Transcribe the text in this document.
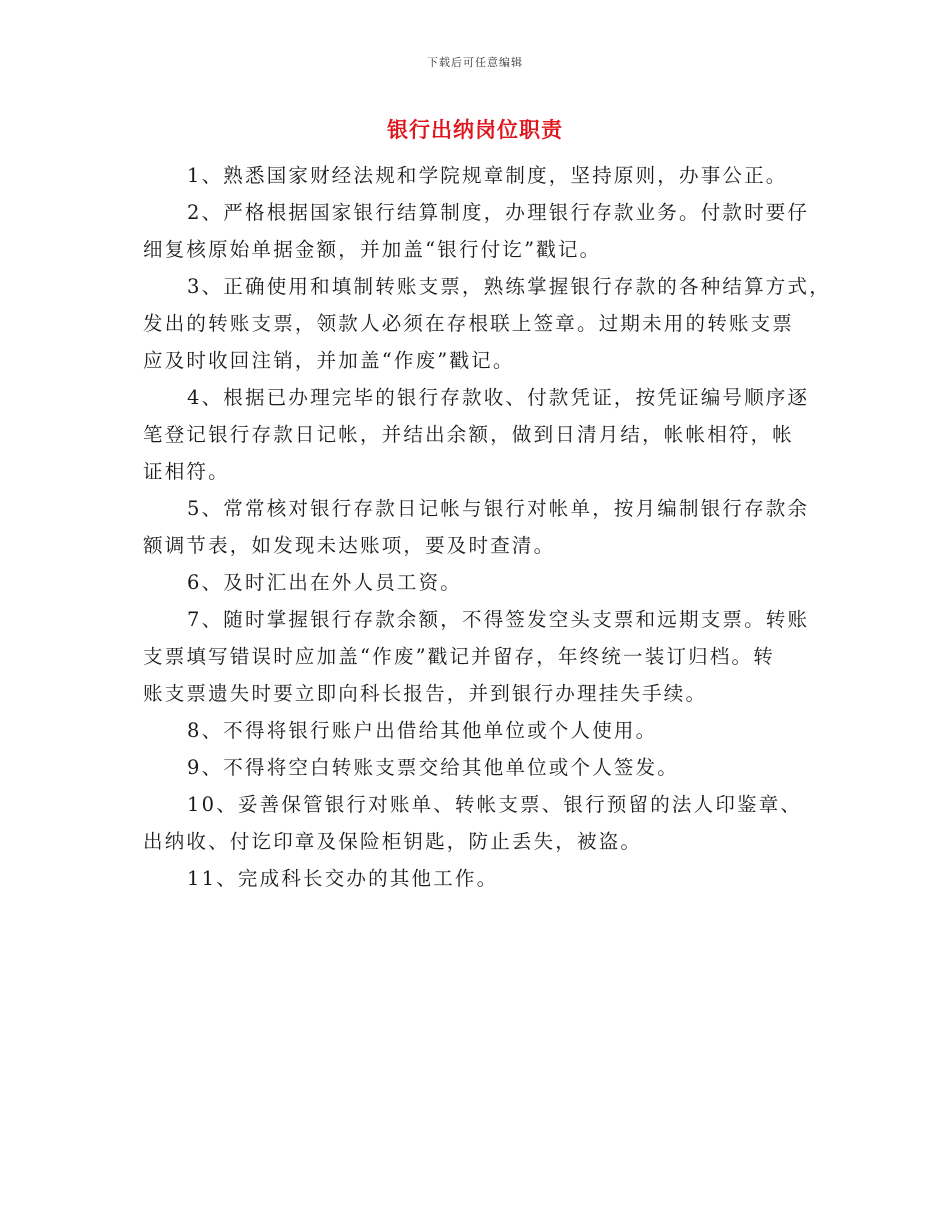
下载后可任意编辑
银行出纳岗位职责
1、熟悉国家财经法规和学院规章制度，坚持原则，办事公正。
2、严格根据国家银行结算制度，办理银行存款业务。付款时要仔
细复核原始单据金额，并加盖“银行付讫”戳记。
3、正确使用和填制转账支票，熟练掌握银行存款的各种结算方式，
发出的转账支票，领款人必须在存根联上签章。过期未用的转账支票
应及时收回注销，并加盖“作废”戳记。
4、根据已办理完毕的银行存款收、付款凭证，按凭证编号顺序逐
笔登记银行存款日记帐，并结出余额，做到日清月结，帐帐相符，帐
证相符。
5、常常核对银行存款日记帐与银行对帐单，按月编制银行存款余
额调节表，如发现未达账项，要及时查清。
6、及时汇出在外人员工资。
7、随时掌握银行存款余额，不得签发空头支票和远期支票。转账
支票填写错误时应加盖“作废”戳记并留存，年终统一装订归档。转
账支票遗失时要立即向科长报告，并到银行办理挂失手续。
8、不得将银行账户出借给其他单位或个人使用。
9、不得将空白转账支票交给其他单位或个人签发。
10、妥善保管银行对账单、转帐支票、银行预留的法人印鉴章、
出纳收、付讫印章及保险柜钥匙，防止丢失，被盗。
11、完成科长交办的其他工作。
